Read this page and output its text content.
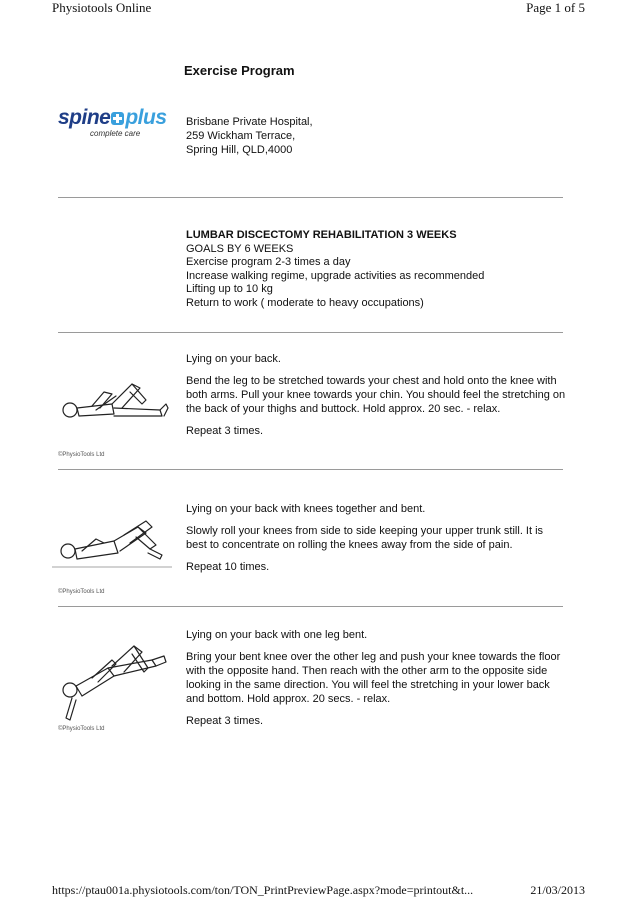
Physiotools Online	Page 1 of 5
Exercise Program
spine plus
complete care
Brisbane Private Hospital,
259 Wickham Terrace,
Spring Hill, QLD,4000
LUMBAR DISCECTOMY REHABILITATION 3 WEEKS
GOALS BY 6 WEEKS
Exercise program 2-3 times a day
Increase walking regime, upgrade activities as recommended
Lifting up to 10 kg
Return to work ( moderate to heavy occupations)
©PhysioTools Ltd

Lying on your back.

Bend the leg to be stretched towards your chest and hold onto the knee with both arms. Pull your knee towards your chin. You should feel the stretching on the back of your thighs and buttock. Hold approx. 20 sec. - relax.

Repeat 3 times.

©PhysioTools Ltd

Lying on your back with knees together and bent.

Slowly roll your knees from side to side keeping your upper trunk still. It is best to concentrate on rolling the knees away from the side of pain.

Repeat 10 times.

©PhysioTools Ltd

Lying on your back with one leg bent.

Bring your bent knee over the other leg and push your knee towards the floor with the opposite hand. Then reach with the other arm to the opposite side looking in the same direction. You will feel the stretching in your lower back and bottom. Hold approx. 20 secs. - relax.

Repeat 3 times.

https://ptau001a.physiotools.com/ton/TON_PrintPreviewPage.aspx?mode=printout&t...	21/03/2013
